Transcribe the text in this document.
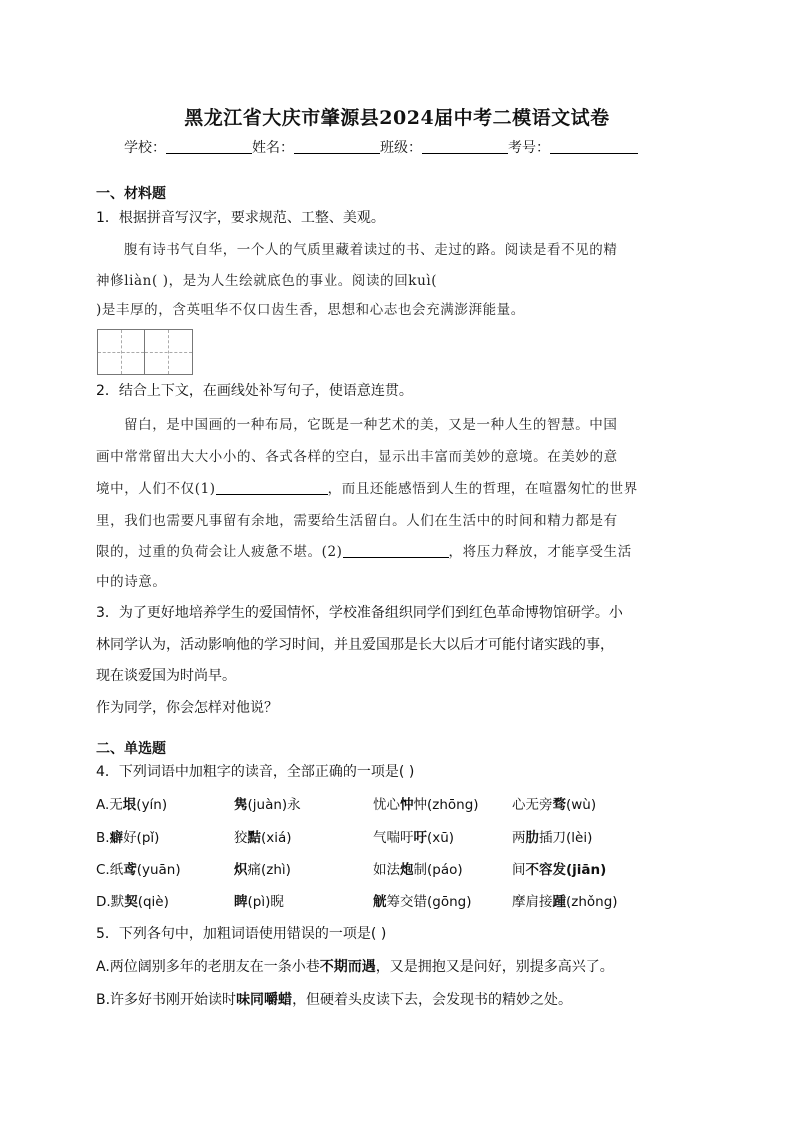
黑龙江省大庆市肇源县2024届中考二模语文试卷
学校：	姓名：	班级：	考号：
一、材料题
1．根据拼音写汉字，要求规范、工整、美观。
腹有诗书气自华，一个人的气质里藏着读过的书、走过的路。阅读是看不见的精
神修liàn( )，是为人生绘就底色的事业。阅读的回kuì(
)是丰厚的，含英咀华不仅口齿生香，思想和心志也会充满澎湃能量。
2．结合上下文，在画线处补写句子，使语意连贯。
留白，是中国画的一种布局，它既是一种艺术的美，又是一种人生的智慧。中国
画中常常留出大大小小的、各式各样的空白，显示出丰富而美妙的意境。在美妙的意
境中，人们不仅(1)	，而且还能感悟到人生的哲理，在喧嚣匆忙的世界
里，我们也需要凡事留有余地，需要给生活留白。人们在生活中的时间和精力都是有
限的，过重的负荷会让人疲惫不堪。(2)	，将压力释放，才能享受生活
中的诗意。
3．为了更好地培养学生的爱国情怀，学校准备组织同学们到红色革命博物馆研学。小
林同学认为，活动影响他的学习时间，并且爱国那是长大以后才可能付诸实践的事，
现在谈爱国为时尚早。
作为同学，你会怎样对他说？
二、单选题
4．下列词语中加粗字的读音，全部正确的一项是( )
A.无垠(yín)	隽(juàn)永	忧心忡忡(zhōng) 心无旁骛(wù)
B.癖好(pǐ)	狡黠(xiá)	气喘吁吁(xū)	两肋插刀(lèi)
C.纸鸢(yuān)	炽痛(zhì)	如法炮制(páo)	间不容发(jiān)
D.默契(qiè)	睥(pì)睨	觥筹交错(gōng)	摩肩接踵(zhǒng)
5．下列各句中，加粗词语使用错误的一项是( )
A.两位阔别多年的老朋友在一条小巷不期而遇，又是拥抱又是问好，别提多高兴了。
B.许多好书刚开始读时味同嚼蜡，但硬着头皮读下去，会发现书的精妙之处。
